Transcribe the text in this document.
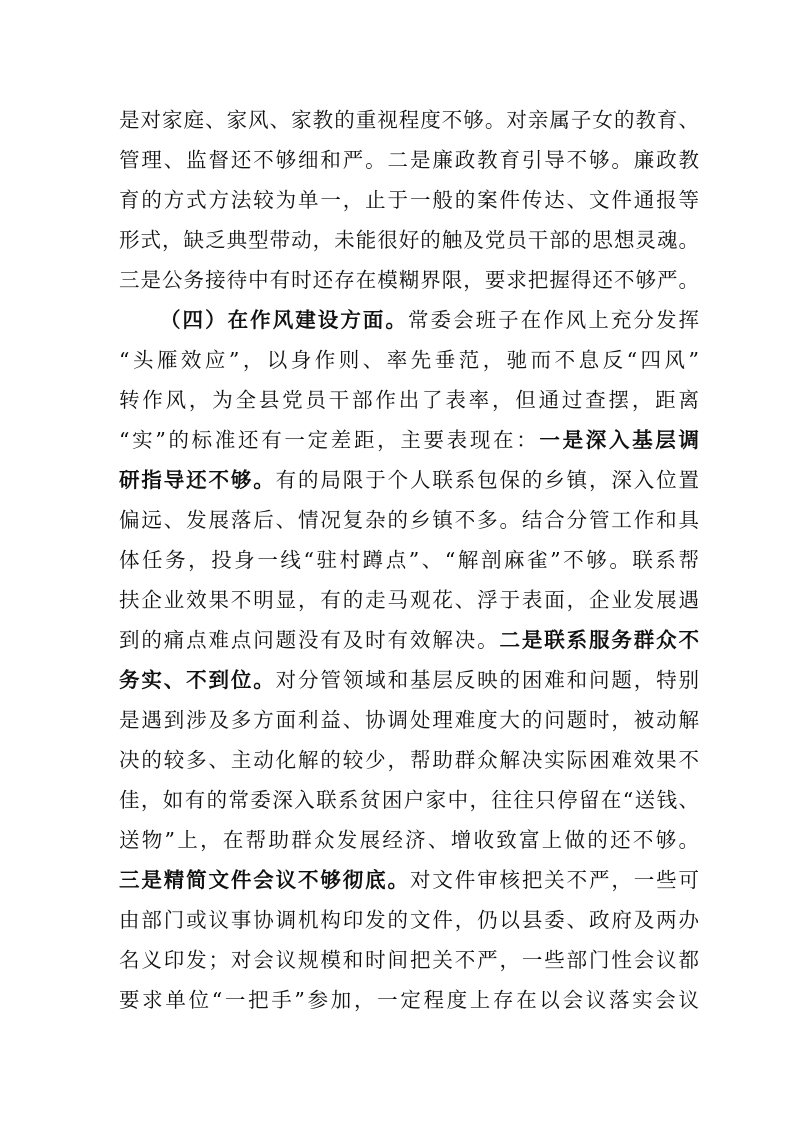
是对家庭、家风、家教的重视程度不够。对亲属子女的教育、
管理、监督还不够细和严。二是廉政教育引导不够。廉政教
育的方式方法较为单一，止于一般的案件传达、文件通报等
形式，缺乏典型带动，未能很好的触及党员干部的思想灵魂。
三是公务接待中有时还存在模糊界限，要求把握得还不够严。
（四）在作风建设方面。常委会班子在作风上充分发挥
“头雁效应”，以身作则、率先垂范，驰而不息反“四风”
转作风，为全县党员干部作出了表率，但通过查摆，距离
“实”的标准还有一定差距，主要表现在：一是深入基层调
研指导还不够。有的局限于个人联系包保的乡镇，深入位置
偏远、发展落后、情况复杂的乡镇不多。结合分管工作和具
体任务，投身一线“驻村蹲点”、“解剖麻雀”不够。联系帮
扶企业效果不明显，有的走马观花、浮于表面，企业发展遇
到的痛点难点问题没有及时有效解决。二是联系服务群众不
务实、不到位。对分管领域和基层反映的困难和问题，特别
是遇到涉及多方面利益、协调处理难度大的问题时，被动解
决的较多、主动化解的较少，帮助群众解决实际困难效果不
佳，如有的常委深入联系贫困户家中，往往只停留在“送钱、
送物”上，在帮助群众发展经济、增收致富上做的还不够。
三是精简文件会议不够彻底。对文件审核把关不严，一些可
由部门或议事协调机构印发的文件，仍以县委、政府及两办
名义印发；对会议规模和时间把关不严，一些部门性会议都
要求单位“一把手”参加，一定程度上存在以会议落实会议
